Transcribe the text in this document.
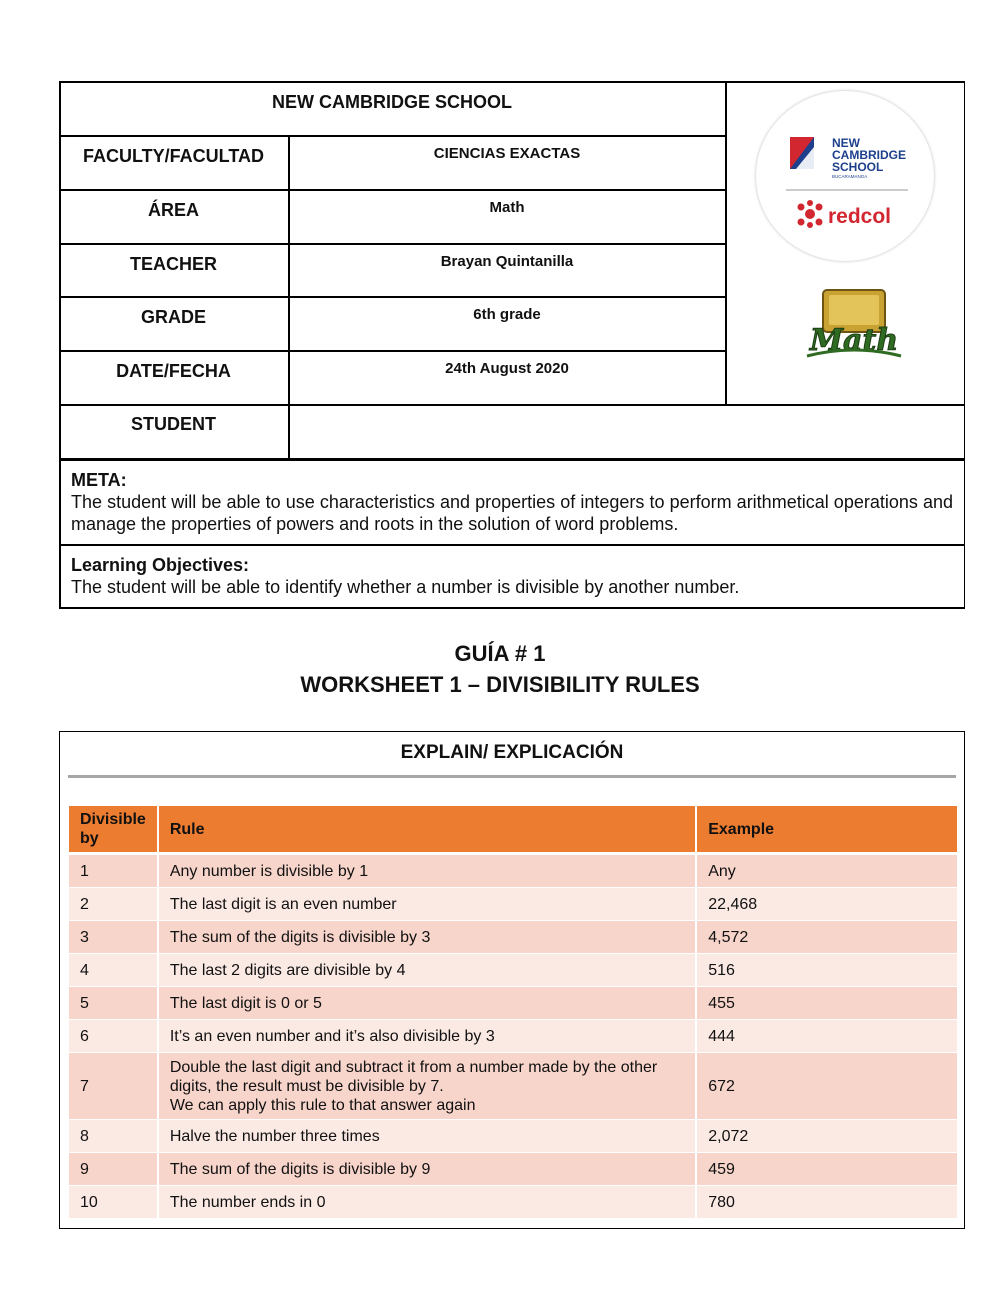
NEW CAMBRIDGE SCHOOL
FACULTY/FACULTAD	CIENCIAS EXACTAS
ÁREA	Math
TEACHER	Brayan Quintanilla
GRADE	6th grade
DATE/FECHA	24th August 2020
STUDENT
NEW
CAMBRIDGE
SCHOOL
BUCARAMANGA
redcol
Math
META:
The student will be able to use characteristics and properties of integers to perform arithmetical operations and manage the properties of powers and roots in the solution of word problems.
Learning Objectives:
The student will be able to identify whether a number is divisible by another number.
GUÍA # 1
WORKSHEET 1 – DIVISIBILITY RULES
EXPLAIN/ EXPLICACIÓN
Divisible by	Rule	Example
1	Any number is divisible by 1	Any
2	The last digit is an even number	22,468
3	The sum of the digits is divisible by 3	4,572
4	The last 2 digits are divisible by 4	516
5	The last digit is 0 or 5	455
6	It’s an even number and it’s also divisible by 3	444
7	Double the last digit and subtract it from a number made by the other
digits, the result must be divisible by 7.
We can apply this rule to that answer again	672
8	Halve the number three times	2,072
9	The sum of the digits is divisible by 9	459
10	The number ends in 0	780
